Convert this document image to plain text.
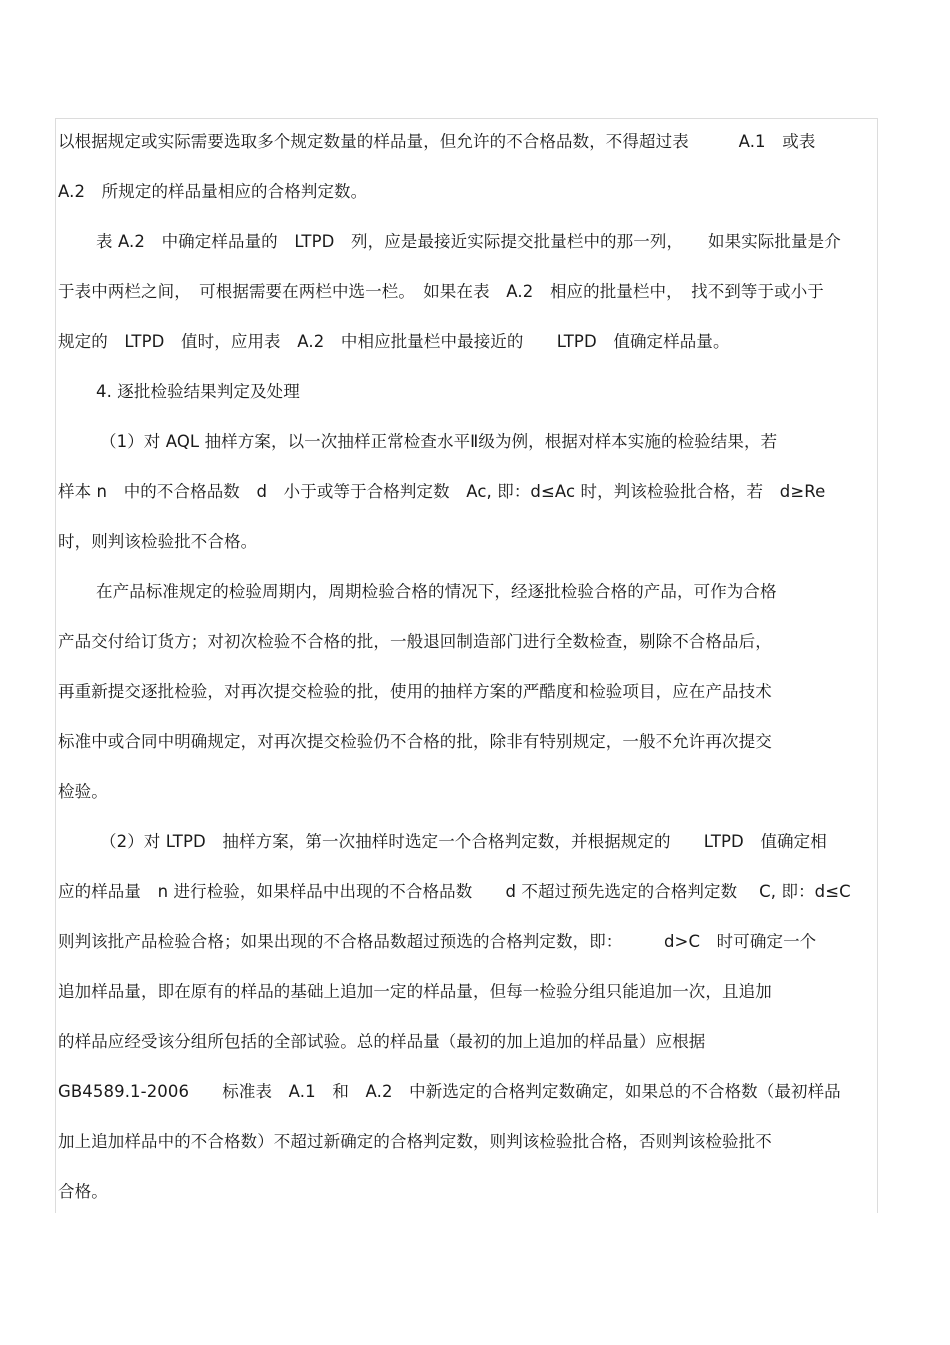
以根据规定或实际需要选取多个规定数量的样品量，但允许的不合格品数，不得超过表　　　A.1　或表
A.2　所规定的样品量相应的合格判定数。
表 A.2　中确定样品量的　LTPD　列，应是最接近实际提交批量栏中的那一列，　　如果实际批量是介
于表中两栏之间，　可根据需要在两栏中选一栏。　如果在表　A.2　相应的批量栏中，　找不到等于或小于
规定的　LTPD　值时，应用表　A.2　中相应批量栏中最接近的　　LTPD　值确定样品量。
4. 逐批检验结果判定及处理
（1）对 AQL 抽样方案，以一次抽样正常检查水平Ⅱ级为例，根据对样本实施的检验结果，若
样本 n　中的不合格品数　d　小于或等于合格判定数　Ac, 即：d≤Ac 时，判该检验批合格，若　d≥Re
时，则判该检验批不合格。
在产品标准规定的检验周期内，周期检验合格的情况下，经逐批检验合格的产品，可作为合格
产品交付给订货方；对初次检验不合格的批，一般退回制造部门进行全数检查，剔除不合格品后，
再重新提交逐批检验，对再次提交检验的批，使用的抽样方案的严酷度和检验项目，应在产品技术
标准中或合同中明确规定，对再次提交检验仍不合格的批，除非有特别规定，一般不允许再次提交
检验。
（2）对 LTPD　抽样方案，第一次抽样时选定一个合格判定数，并根据规定的　　LTPD　值确定相
应的样品量　n 进行检验，如果样品中出现的不合格品数　　d 不超过预先选定的合格判定数　 C, 即：d≤C
则判该批产品检验合格；如果出现的不合格品数超过预选的合格判定数，即：　　　d>C　时可确定一个
追加样品量，即在原有的样品的基础上追加一定的样品量，但每一检验分组只能追加一次，且追加
的样品应经受该分组所包括的全部试验。总的样品量（最初的加上追加的样品量）应根据
GB4589.1-2006　　标准表　A.1　和　A.2　中新选定的合格判定数确定，如果总的不合格数（最初样品
加上追加样品中的不合格数）不超过新确定的合格判定数，则判该检验批合格，否则判该检验批不
合格。
